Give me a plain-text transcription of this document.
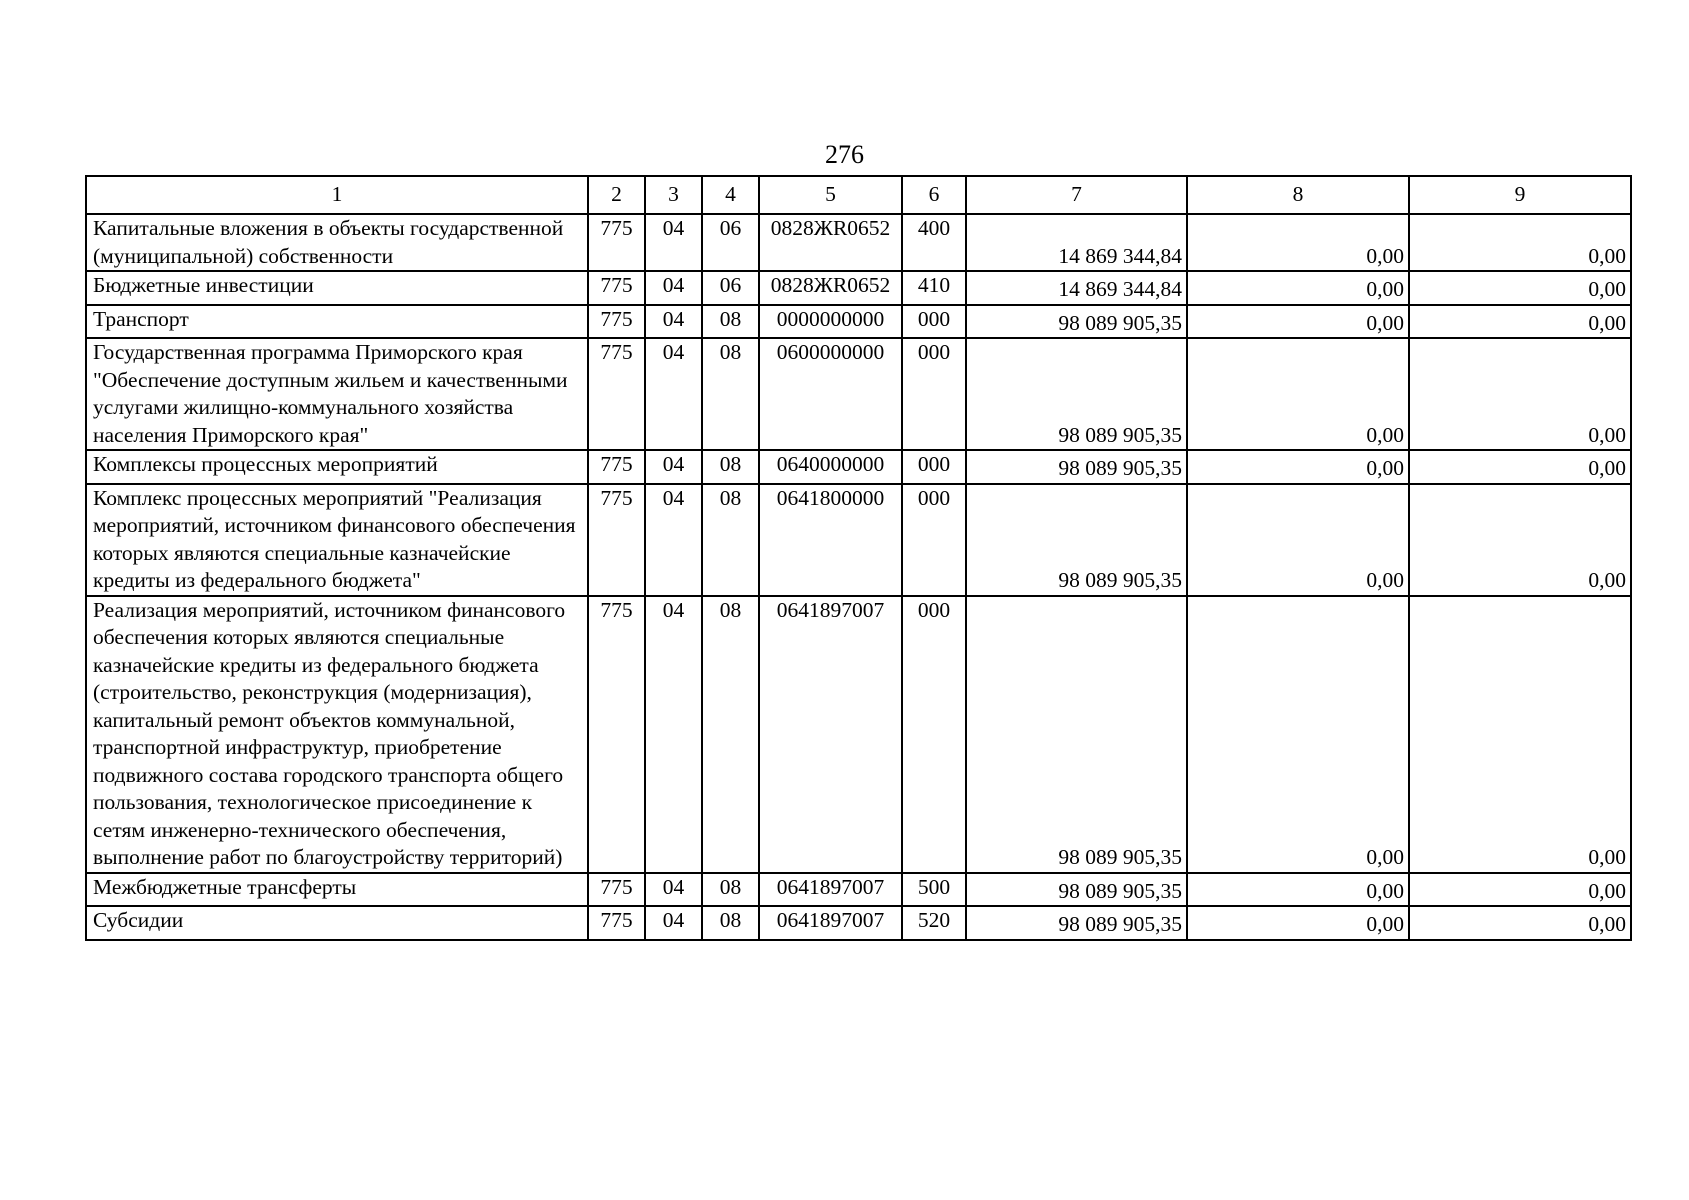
276
1	2	3	4	5	6	7	8	9
Капитальные вложения в объекты государственной (муниципальной) собственности	775	04	06	0828ЖR0652	400	14 869 344,84	0,00	0,00
Бюджетные инвестиции	775	04	06	0828ЖR0652	410	14 869 344,84	0,00	0,00
Транспорт	775	04	08	0000000000	000	98 089 905,35	0,00	0,00
Государственная программа Приморского края "Обеспечение доступным жильем и качественными услугами жилищно-коммунального хозяйства населения Приморского края"	775	04	08	0600000000	000	98 089 905,35	0,00	0,00
Комплексы процессных мероприятий	775	04	08	0640000000	000	98 089 905,35	0,00	0,00
Комплекс процессных мероприятий "Реализация мероприятий, источником финансового обеспечения которых являются специальные казначейские кредиты из федерального бюджета"	775	04	08	0641800000	000	98 089 905,35	0,00	0,00
Реализация мероприятий, источником финансового обеспечения которых являются специальные казначейские кредиты из федерального бюджета (строительство, реконструкция (модернизация), капитальный ремонт объектов коммунальной, транспортной инфраструктур, приобретение подвижного состава городского транспорта общего пользования, технологическое присоединение к сетям инженерно-технического обеспечения, выполнение работ по благоустройству территорий)	775	04	08	0641897007	000	98 089 905,35	0,00	0,00
Межбюджетные трансферты	775	04	08	0641897007	500	98 089 905,35	0,00	0,00
Субсидии	775	04	08	0641897007	520	98 089 905,35	0,00	0,00
